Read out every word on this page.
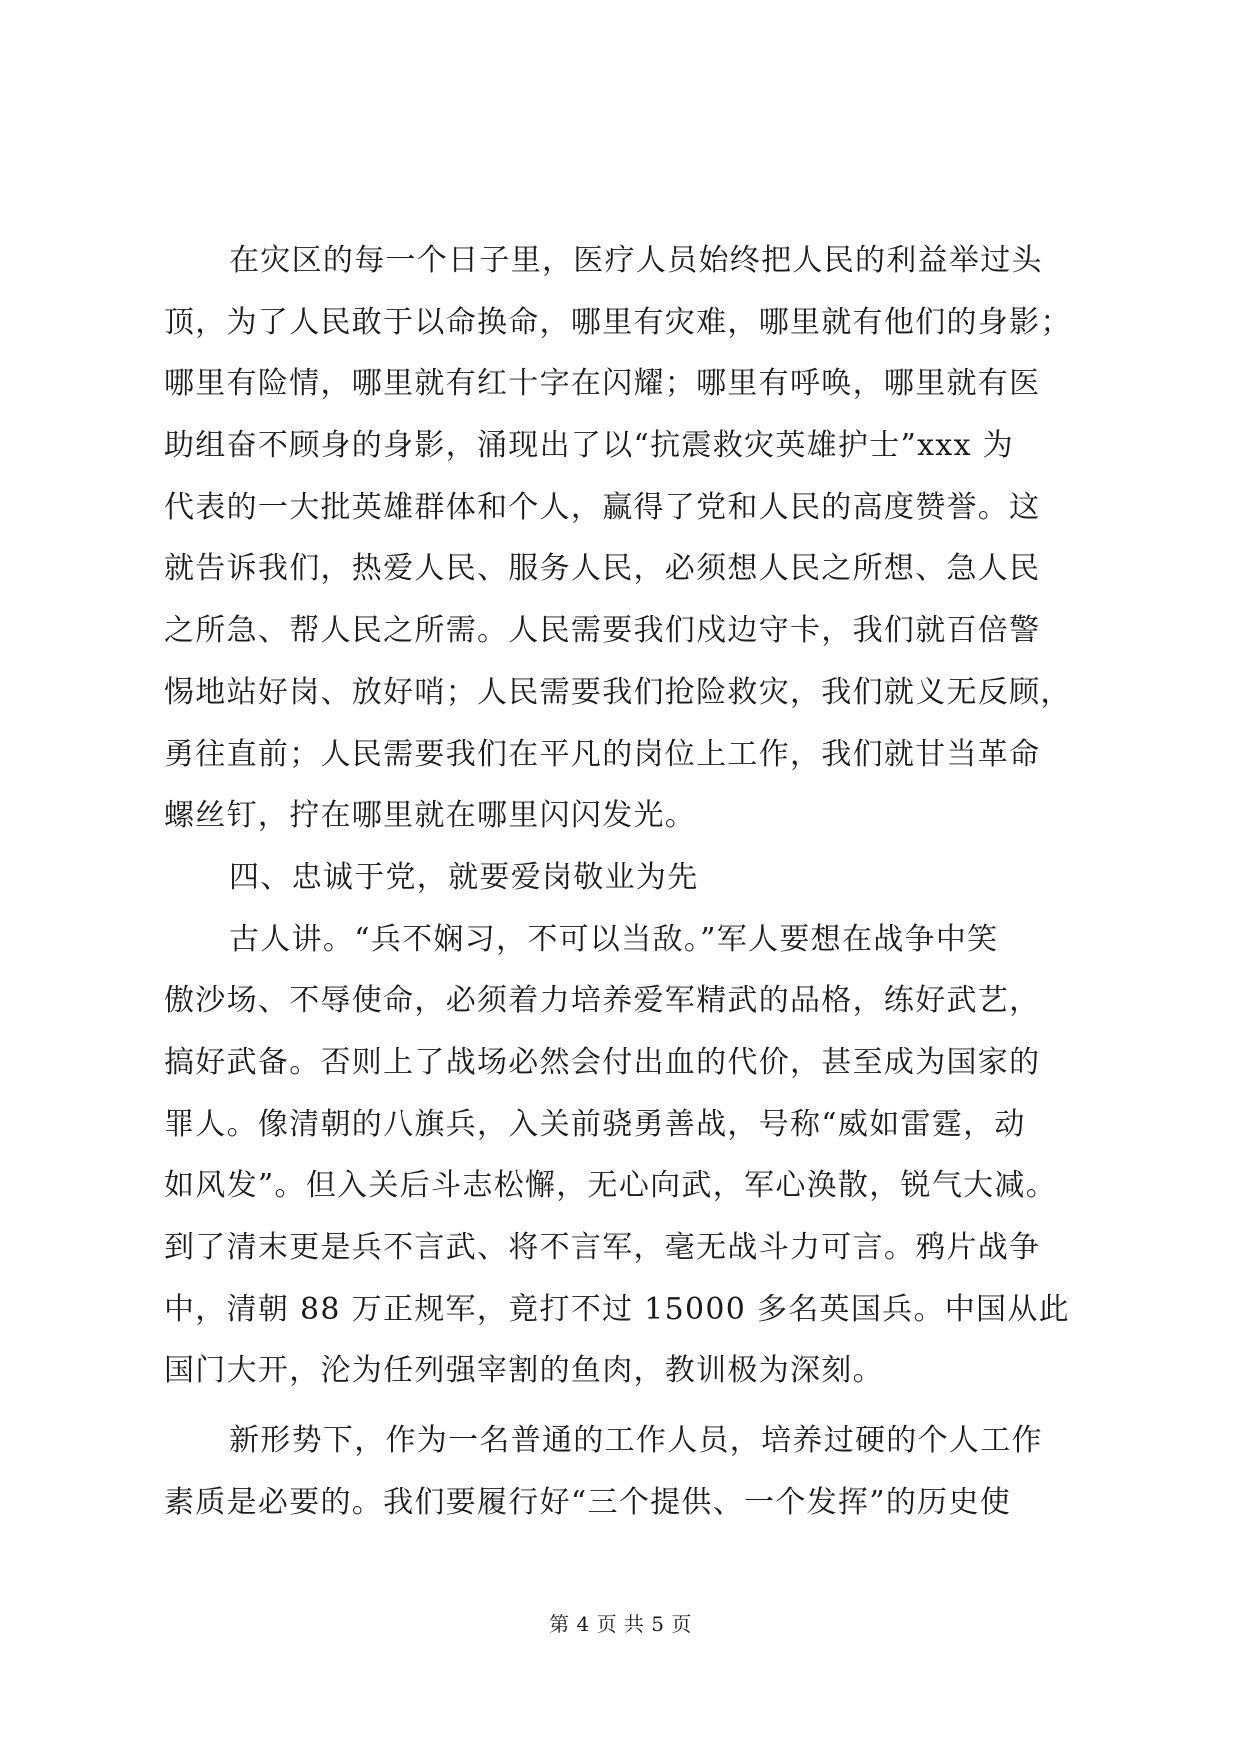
在灾区的每一个日子里，医疗人员始终把人民的利益举过头
顶，为了人民敢于以命换命，哪里有灾难，哪里就有他们的身影；
哪里有险情，哪里就有红十字在闪耀；哪里有呼唤，哪里就有医
助组奋不顾身的身影，涌现出了以“抗震救灾英雄护士”xxx 为
代表的一大批英雄群体和个人，赢得了党和人民的高度赞誉。这
就告诉我们，热爱人民、服务人民，必须想人民之所想、急人民
之所急、帮人民之所需。人民需要我们戍边守卡，我们就百倍警
惕地站好岗、放好哨；人民需要我们抢险救灾，我们就义无反顾，
勇往直前；人民需要我们在平凡的岗位上工作，我们就甘当革命
螺丝钉，拧在哪里就在哪里闪闪发光。
四、忠诚于党，就要爱岗敬业为先
古人讲。“兵不娴习，不可以当敌。”军人要想在战争中笑
傲沙场、不辱使命，必须着力培养爱军精武的品格，练好武艺，
搞好武备。否则上了战场必然会付出血的代价，甚至成为国家的
罪人。像清朝的八旗兵，入关前骁勇善战，号称“威如雷霆，动
如风发”。但入关后斗志松懈，无心向武，军心涣散，锐气大减。
到了清末更是兵不言武、将不言军，毫无战斗力可言。鸦片战争
中，清朝 88 万正规军，竟打不过 15000 多名英国兵。中国从此
国门大开，沦为任列强宰割的鱼肉，教训极为深刻。
新形势下，作为一名普通的工作人员，培养过硬的个人工作
素质是必要的。我们要履行好“三个提供、一个发挥”的历史使
第 4 页 共 5 页
